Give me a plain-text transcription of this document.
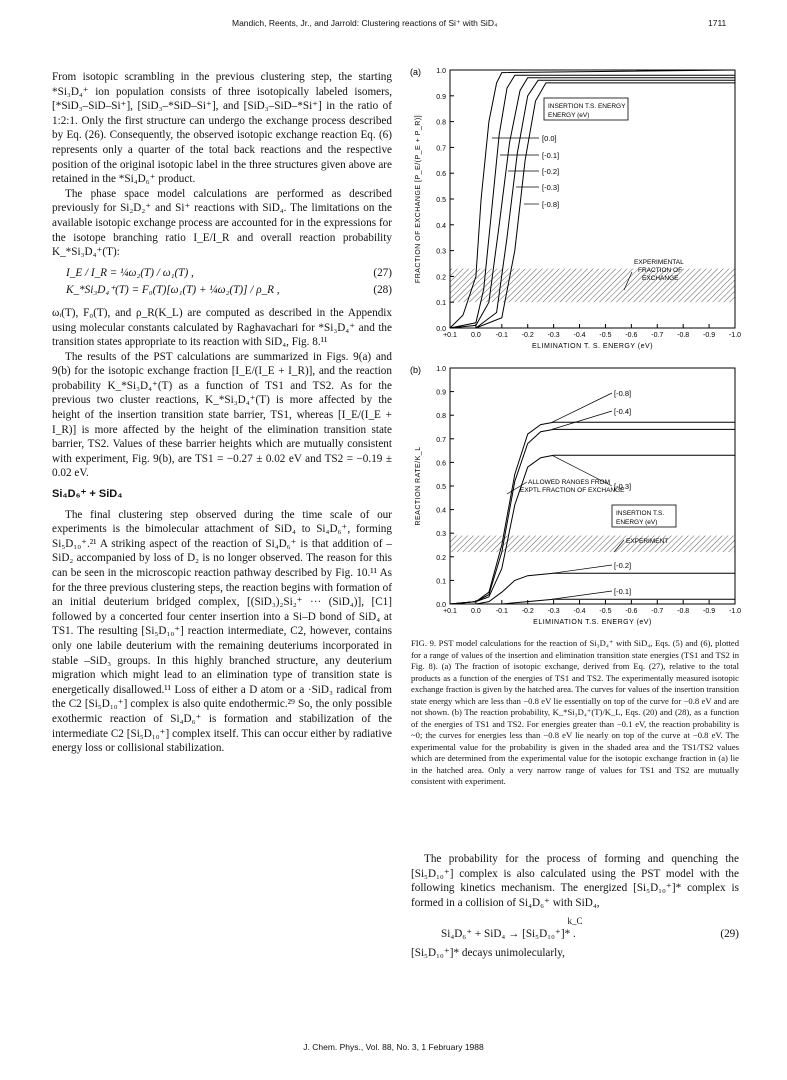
Mandich, Reents, Jr., and Jarrold: Clustering reactions of Si⁺ with SiD₄	1711

From isotopic scrambling in the previous clustering step, the starting *Si₃D₄⁺ ion population consists of three isotopically labeled isomers, [*SiD₃–SiD–Si⁺], [SiD₃–*SiD–Si⁺], and [SiD₃–SiD–*Si⁺] in the ratio of 1:2:1. Only the first structure can undergo the exchange process described by Eq. (26). Consequently, the observed isotopic exchange reaction Eq. (6) represents only a quarter of the total back reactions and the respective position of the original isotopic label in the three structures given above are retained in the *Si₄D₆⁺ product.

The phase space model calculations are performed as described previously for Si₂D₂⁺ and Si⁺ reactions with SiD₄. The limitations on the available isotopic exchange process are accounted for in the expressions for the isotope branching ratio I_E/I_R and overall reaction probability K_*Si₃D₄⁺(T):

I_E / I_R = ¼ω₂(T) / ω₁(T) ,	(27)
K_*Si₃D₄⁺(T) = F₀(T)[ω₁(T) + ¼ω₂(T)] / ρ_R ,	(28)

ωᵢ(T), F₀(T), and ρ_R(K_L) are computed as described in the Appendix using molecular constants calculated by Raghavachari for *Si₃D₄⁺ and the transition states appropriate to its reaction with SiD₄, Fig. 8.¹¹

The results of the PST calculations are summarized in Figs. 9(a) and 9(b) for the isotopic exchange fraction [I_E/(I_E + I_R)], and the reaction probability K_*Si₃D₄⁺(T) as a function of TS1 and TS2. As for the previous two cluster reactions, K_*Si₃D₄⁺(T) is more affected by the height of the insertion transition state barrier, TS1, whereas [I_E/(I_E + I_R)] is more affected by the height of the elimination transition state barrier, TS2. Values of these barrier heights which are mutually consistent with experiment, Fig. 9(b), are TS1 = −0.27 ± 0.02 eV and TS2 = −0.19 ± 0.02 eV.

Si₄D₆⁺ + SiD₄

The final clustering step observed during the time scale of our experiments is the bimolecular attachment of SiD₄ to Si₄D₆⁺, forming Si₅D₁₀⁺.²¹ A striking aspect of the reaction of Si₄D₆⁺ is that addition of –SiD₂ accompanied by loss of D₂ is no longer observed. The reason for this can be seen in the microscopic reaction pathway described by Fig. 10.¹¹ As for the three previous clustering steps, the reaction begins with formation of an initial deuterium bridged complex, [(SiD₃)₂Si₂⁺ ··· (SiD₄)], [C1] followed by a concerted four center insertion into a Si–D bond of SiD₄ at TS1. The resulting [Si₅D₁₀⁺] reaction intermediate, C2, however, contains only one labile deuterium with the remaining deuteriums incorporated in stable –SiD₃ groups. In this highly branched structure, any deuterium migration which might lead to an elimination type of transition state is energetically disallowed.¹¹ Loss of either a D atom or a ·SiD₃ radical from the C2 [Si₅D₁₀⁺] complex is also quite endothermic.²⁹ So, the only possible exothermic reaction of Si₄D₆⁺ is formation and stabilization of the intermediate C2 [Si₅D₁₀⁺] complex itself. This can occur either by radiative energy loss or collisional stabilization.

(a)
0.0
0.1
0.2
0.3
0.4
0.5
0.6
0.7
0.8
0.9
1.0
+0.1 0.0 -0.1 -0.2 -0.3 -0.4 -0.5 -0.6 -0.7 -0.8 -0.9 -1.0
ELIMINATION T. S. ENERGY (eV)
FRACTION OF EXCHANGE [P_E/(P_E + P_R)]	[0.0]
[-0.1]
[-0.2]
[-0.3]
[-0.8]
INSERTION T.S. ENERGY
ENERGY (eV)
EXPERIMENTAL
FRACTION OF
EXCHANGE
(b)
0.0
0.1
0.2
0.3
0.4
0.5
0.6
0.7
0.8
0.9
1.0
+0.1 0.0 -0.1 -0.2 -0.3 -0.4 -0.5 -0.6 -0.7 -0.8 -0.9 -1.0
ELIMINATION T.S. ENERGY (eV)
REACTION RATE/K_L
[-0.8]
[-0.4]
[-0.3]
[-0.2]
[-0.1]
INSERTION T.S.
ENERGY (eV)
ALLOWED RANGES FROM
EXPTL FRACTION OF EXCHANGE
EXPERIMENT
FIG. 9. PST model calculations for the reaction of Si₃D₄⁺ with SiD₄, Eqs. (5) and (6), plotted for a range of values of the insertion and elimination transition state energies (TS1 and TS2 in Fig. 8). (a) The fraction of isotopic exchange, derived from Eq. (27), relative to the total products as a function of the energies of TS1 and TS2. The experimentally measured isotopic exchange fraction is given by the hatched area. The curves for values of the insertion transition state energy which are less than −0.8 eV lie essentially on top of the curve for −0.8 eV and are not shown. (b) The reaction probability, K_*Si₃D₄⁺(T)/K_L, Eqs. (20) and (28), as a function of the energies of TS1 and TS2. For energies greater than −0.1 eV, the reaction probability is ~0; the curves for energies less than −0.8 eV lie nearly on top of the curve at −0.8 eV. The experimental value for the probability is given in the shaded area and the TS1/TS2 values which are determined from the experimental value for the isotopic exchange fraction in (a) lie in the hatched area. Only a very narrow range of values for TS1 and TS2 are mutually consistent with experiment.

The probability for the process of forming and quenching the [Si₅D₁₀⁺] complex is also calculated using the PST model with the following kinetics mechanism. The energized [Si₅D₁₀⁺]* complex is formed in a collision of Si₄D₆⁺ with SiD₄,

k_C
Si₄D₆⁺ + SiD₄ → [Si₅D₁₀⁺]* .	(29)

[Si₅D₁₀⁺]* decays unimolecularly,

J. Chem. Phys., Vol. 88, No. 3, 1 February 1988
